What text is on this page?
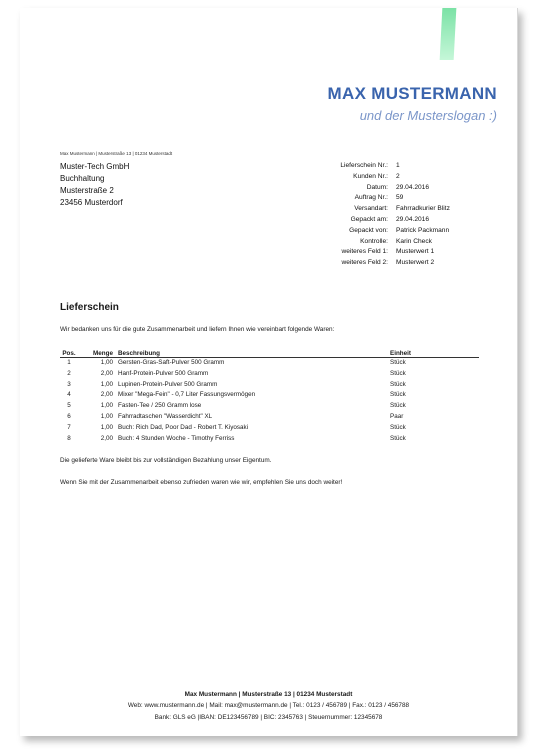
MAX MUSTERMANN
und der Musterslogan :)
Max Mustermann | Musterstraße 13 | 01234 Musterstadt
Muster-Tech GmbH
Buchhaltung
Musterstraße 2
23456 Musterdorf
Lieferschein Nr.: 1
Kunden Nr.: 2
Datum: 29.04.2016
Auftrag Nr.: 59
Versandart: Fahrradkurier Blitz
Gepackt am: 29.04.2016
Gepackt von: Patrick Packmann
Kontrolle: Karin Check
weiteres Feld 1: Musterwert 1
weiteres Feld 2: Musterwert 2
Lieferschein
Wir bedanken uns für die gute Zusammenarbeit und liefern Ihnen wie vereinbart folgende Waren:
Pos.	Menge	Beschreibung	Einheit
1	1,00	Gersten-Gras-Saft-Pulver 500 Gramm	Stück
2	2,00	Hanf-Protein-Pulver 500 Gramm	Stück
3	1,00	Lupinen-Protein-Pulver 500 Gramm	Stück
4	2,00	Mixer "Mega-Fein" - 0,7 Liter Fassungsvermögen	Stück
5	1,00	Fasten-Tee / 250 Gramm lose	Stück
6	1,00	Fahrradtaschen "Wasserdicht" XL	Paar
7	1,00	Buch: Rich Dad, Poor Dad - Robert T. Kiyosaki	Stück
8	2,00	Buch: 4 Stunden Woche - Timothy Ferriss	Stück
Die gelieferte Ware bleibt bis zur vollständigen Bezahlung unser Eigentum.
Wenn Sie mit der Zusammenarbeit ebenso zufrieden waren wie wir, empfehlen Sie uns doch weiter!
Max Mustermann | Musterstraße 13 | 01234 Musterstadt
Web: www.mustermann.de | Mail: max@mustermann.de | Tel.: 0123 / 456789 | Fax.: 0123 / 456788
Bank: GLS eG |IBAN: DE123456789 | BIC: 2345763 | Steuernummer: 12345678
